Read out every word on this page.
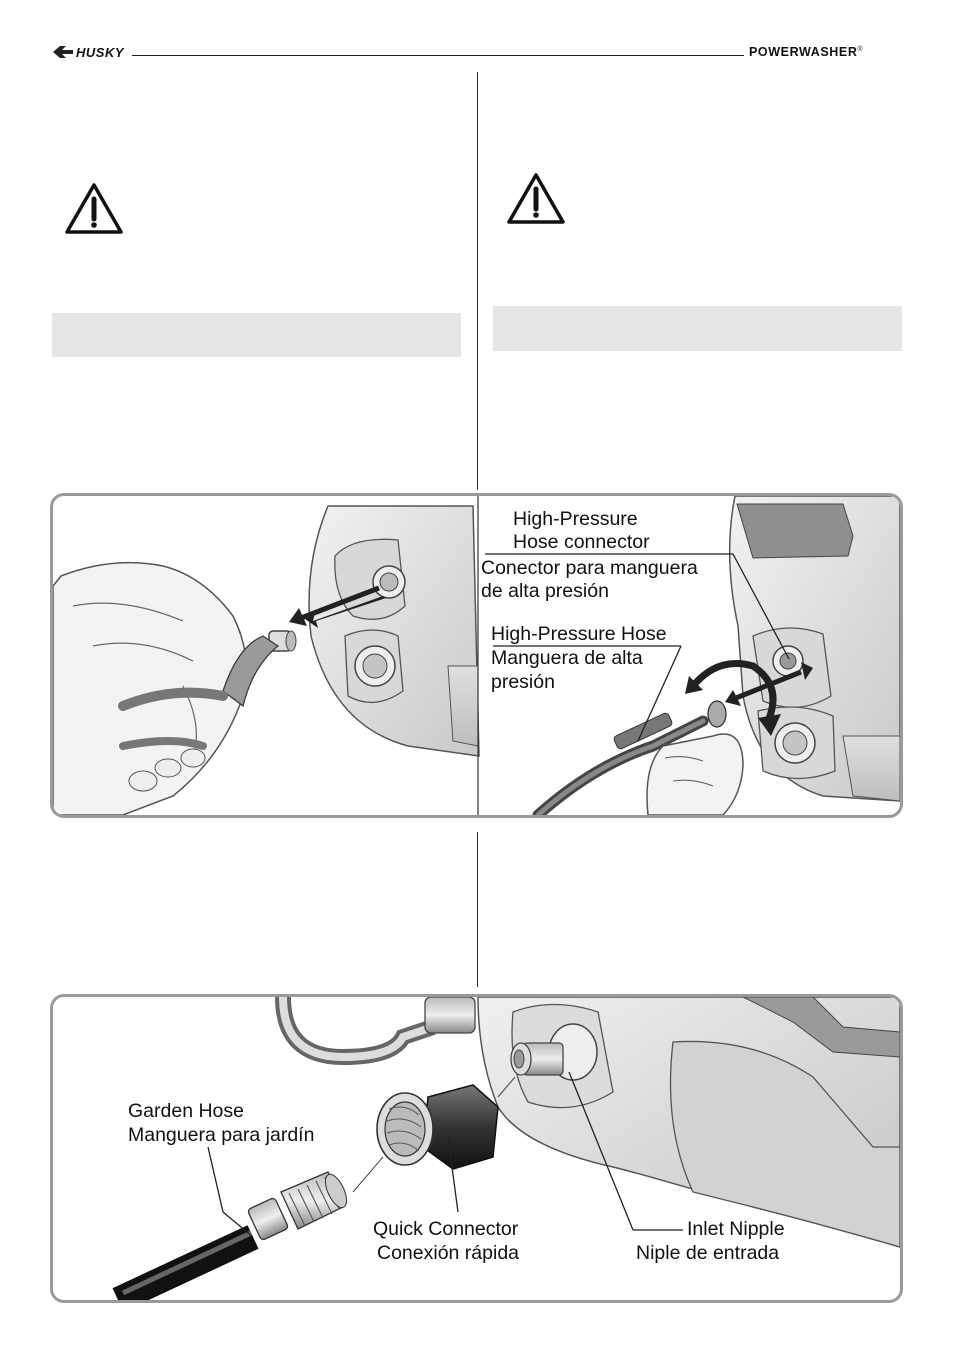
HUSKY	POWERWASHER®
High-Pressure
Hose connector
Conector para manguera
de alta presión
High-Pressure Hose
Manguera de alta
presión
Garden Hose
Manguera para jardín
Quick Connector
Conexión rápida
Inlet Nipple
Niple de entrada
